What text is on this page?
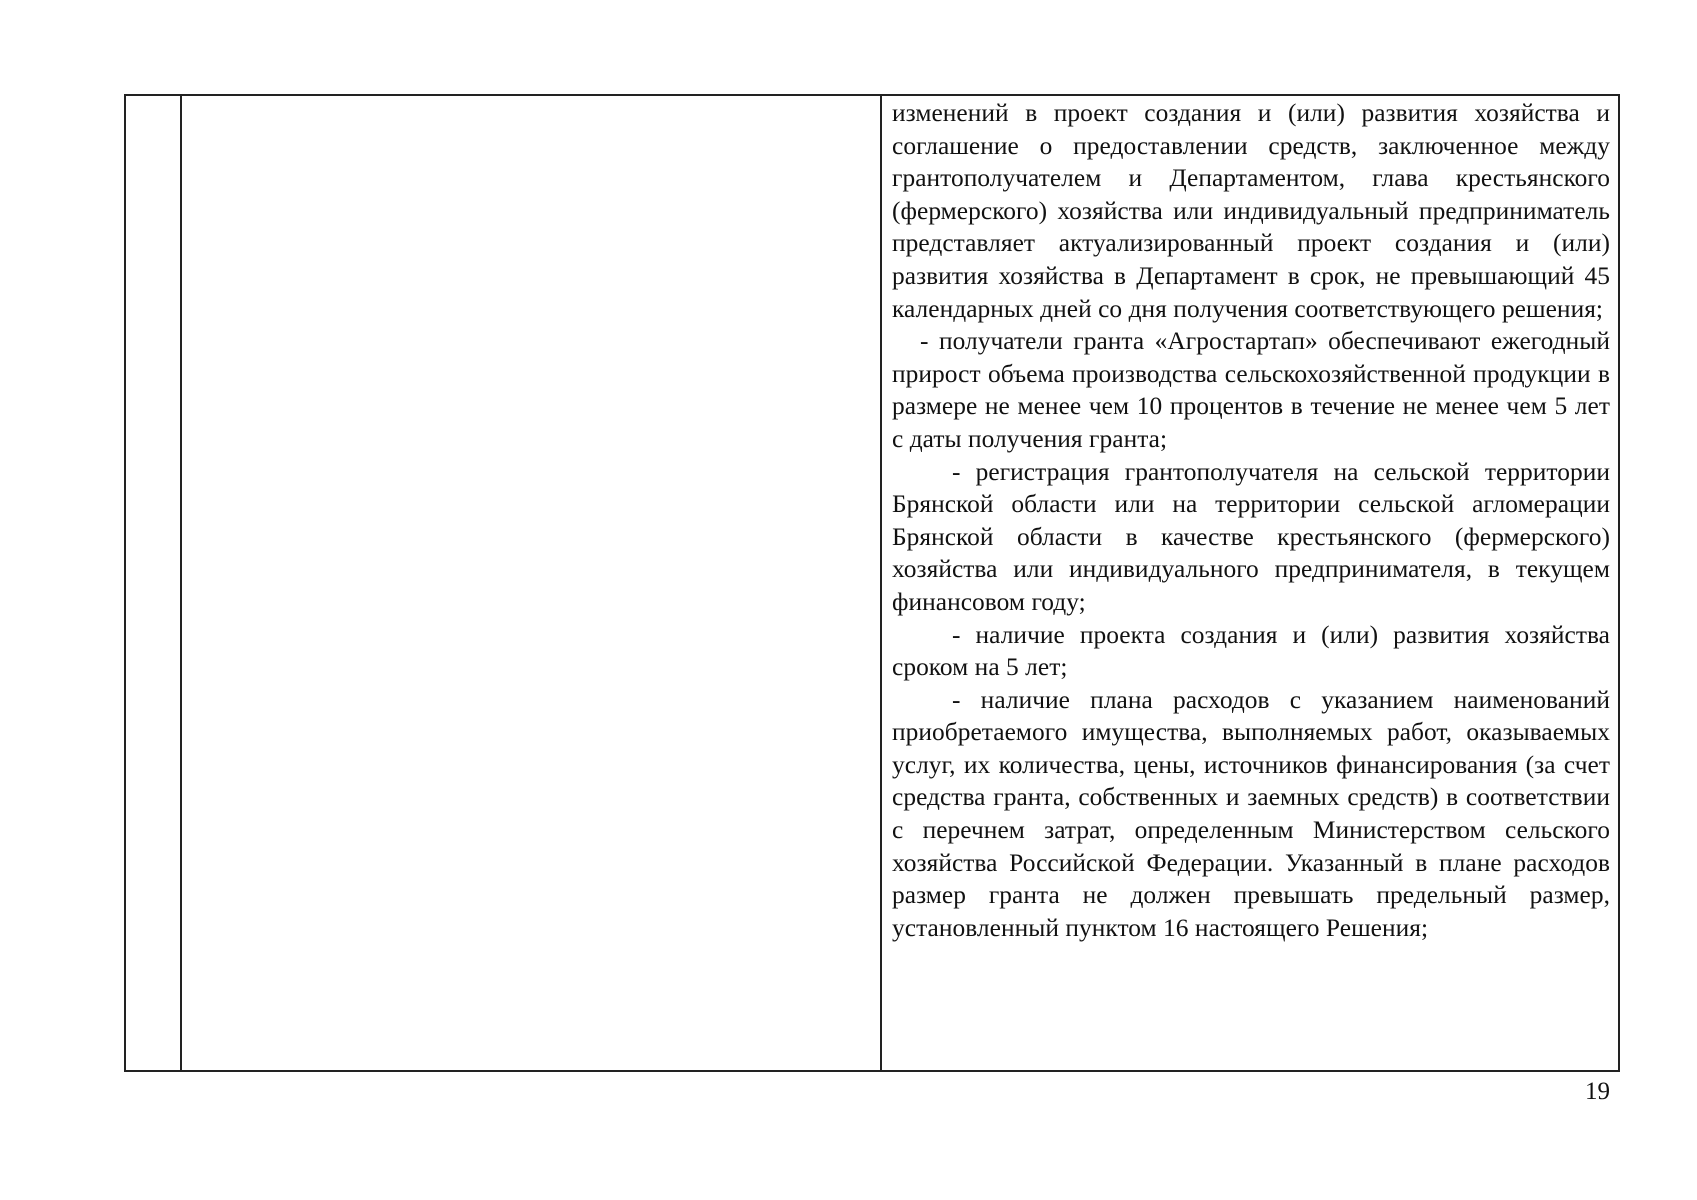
изменений в проект создания и (или) развития хозяйства и соглашение о предоставлении средств, заключенное между грантополучателем и Департаментом, глава крестьянского (фермерского) хозяйства или индивидуальный предприниматель представляет актуализированный проект создания и (или) развития хозяйства в Департамент в срок, не превышающий 45 календарных дней со дня получения соответствующего решения;

- получатели гранта «Агростартап» обеспечивают ежегодный прирост объема производства сельскохозяйственной продукции в размере не менее чем 10 процентов в течение не менее чем 5 лет с даты получения гранта;

- регистрация грантополучателя на сельской территории Брянской области или на территории сельской агломерации Брянской области в качестве крестьянского (фермерского) хозяйства или индивидуального предпринимателя, в текущем финансовом году;

- наличие проекта создания и (или) развития хозяйства сроком на 5 лет;

- наличие плана расходов с указанием наименований приобретаемого имущества, выполняемых работ, оказываемых услуг, их количества, цены, источников финансирования (за счет средства гранта, собственных и заемных средств) в соответствии с перечнем затрат, определенным Министерством сельского хозяйства Российской Федерации. Указанный в плане расходов размер гранта не должен превышать предельный размер, установленный пунктом 16 настоящего Решения;

19
